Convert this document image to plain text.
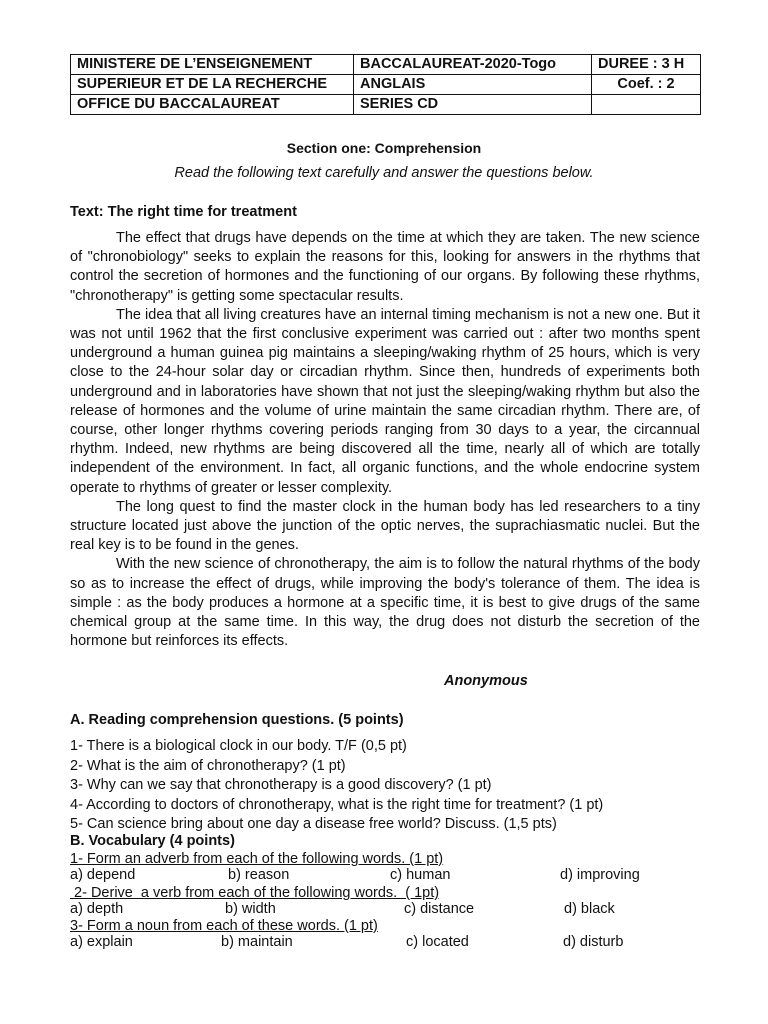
MINISTERE DE L’ENSEIGNEMENT	BACCALAUREAT-2020-Togo	DUREE : 3 H
SUPERIEUR ET DE LA RECHERCHE	ANGLAIS	Coef. : 2
OFFICE DU BACCALAUREAT	SERIES CD	
Section one: Comprehension
Read the following text carefully and answer the questions below.
Text: The right time for treatment

The effect that drugs have depends on the time at which they are taken. The new science of "chronobiology" seeks to explain the reasons for this, looking for answers in the rhythms that control the secretion of hormones and the functioning of our organs. By following these rhythms, "chronotherapy" is getting some spectacular results.

The idea that all living creatures have an internal timing mechanism is not a new one. But it was not until 1962 that the first conclusive experiment was carried out : after two months spent underground a human guinea pig maintains a sleeping/waking rhythm of 25 hours, which is very close to the 24-hour solar day or circadian rhythm. Since then, hundreds of experiments both underground and in laboratories have shown that not just the sleeping/waking rhythm but also the release of hormones and the volume of urine maintain the same circadian rhythm. There are, of course, other longer rhythms covering periods ranging from 30 days to a year, the circannual rhythm. Indeed, new rhythms are being discovered all the time, nearly all of which are totally independent of the environment. In fact, all organic functions, and the whole endocrine system operate to rhythms of greater or lesser complexity.

The long quest to find the master clock in the human body has led researchers to a tiny structure located just above the junction of the optic nerves, the suprachiasmatic nuclei. But the real key is to be found in the genes.

With the new science of chronotherapy, the aim is to follow the natural rhythms of the body so as to increase the effect of drugs, while improving the body's tolerance of them. The idea is simple : as the body produces a hormone at a specific time, it is best to give drugs of the same chemical group at the same time. In this way, the drug does not disturb the secretion of the hormone but reinforces its effects.

Anonymous
A. Reading comprehension questions. (5 points)
1- There is a biological clock in our body. T/F (0,5 pt)
2- What is the aim of chronotherapy? (1 pt)
3- Why can we say that chronotherapy is a good discovery? (1 pt)
4- According to doctors of chronotherapy, what is the right time for treatment? (1 pt)
5- Can science bring about one day a disease free world? Discuss. (1,5 pts)
B. Vocabulary (4 points)
1- Form an adverb from each of the following words. (1 pt)
a) depend	b) reason	c) human	d) improving
2- Derive  a verb from each of the following words.  ( 1pt)
a) depth	b) width	c) distance	d) black
3- Form a noun from each of these words. (1 pt)
a) explain	b) maintain	c) located	d) disturb
